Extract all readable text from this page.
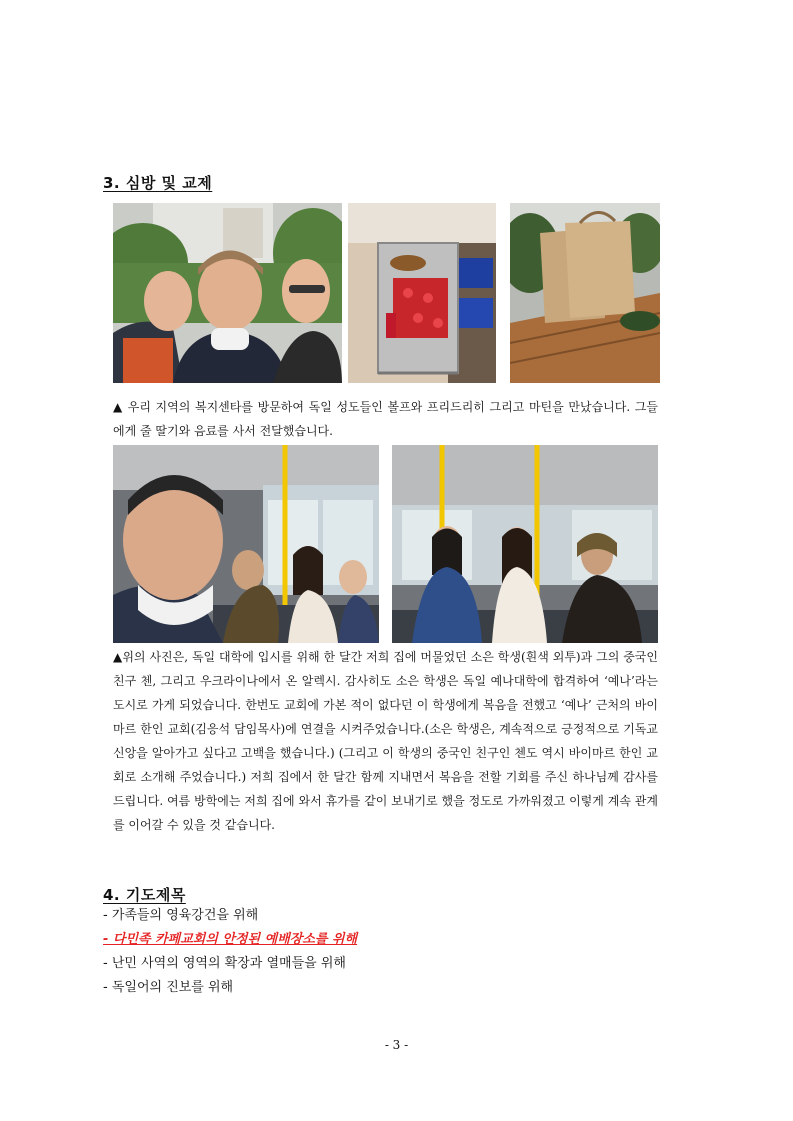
3. 심방 및 교제
▲ 우리 지역의 복지센타를 방문하여 독일 성도들인 볼프와 프리드리히 그리고 마틴을 만났습니다. 그들에게 줄 딸기와 음료를 사서 전달했습니다.
▲위의 사진은, 독일 대학에 입시를 위해 한 달간 저희 집에 머물었던 소은 학생(흰색 외투)과 그의 중국인 친구 첸, 그리고 우크라이나에서 온 알렉시. 감사히도 소은 학생은 독일 예나대학에 합격하여 ‘예나’라는 도시로 가게 되었습니다. 한번도 교회에 가본 적이 없다던 이 학생에게 복음을 전했고 ‘예나’ 근처의 바이마르 한인 교회(김응석 담임목사)에 연결을 시켜주었습니다.(소은 학생은, 계속적으로 긍정적으로 기독교 신앙을 알아가고 싶다고 고백을 했습니다.) (그리고 이 학생의 중국인 친구인 첸도 역시 바이마르 한인 교회로 소개해 주었습니다.) 저희 집에서 한 달간 함께 지내면서 복음을 전할 기회를 주신 하나님께 감사를 드립니다. 여름 방학에는 저희 집에 와서 휴가를 같이 보내기로 했을 정도로 가까워졌고 이렇게 계속 관계를 이어갈 수 있을 것 같습니다.
4. 기도제목
- 가족들의 영육강건을 위해
- 다민족 카페교회의 안정된 예배장소를 위해
- 난민 사역의 영역의 확장과 열매들을 위해
- 독일어의 진보를 위해
- 3 -
